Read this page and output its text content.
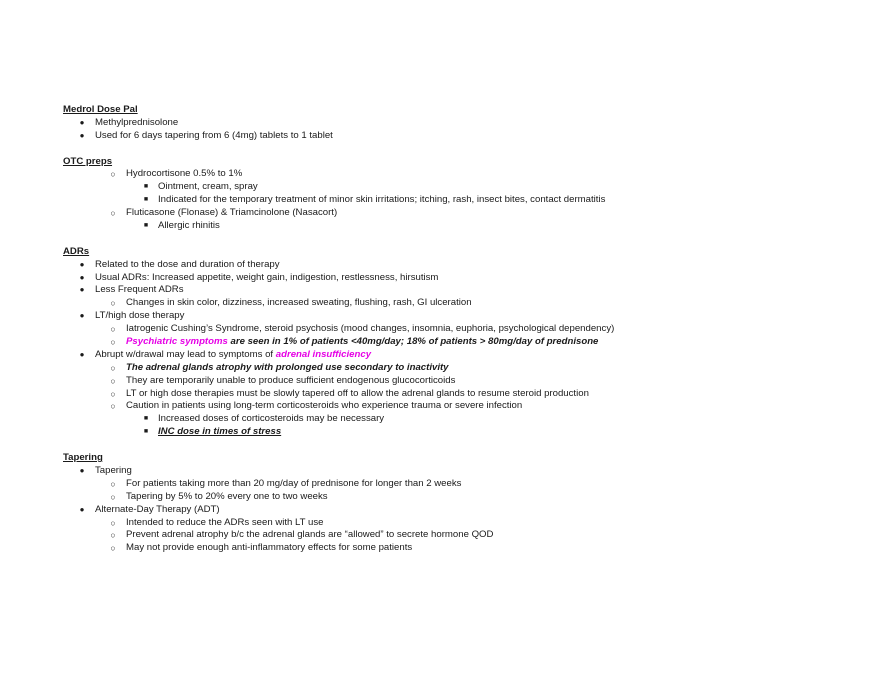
Medrol Dose Pal
●	Methylprednisolone
●	Used for 6 days tapering from 6 (4mg) tablets to 1 tablet
OTC preps
○	Hydrocortisone 0.5% to 1%
■	Ointment, cream, spray
■	Indicated for the temporary treatment of minor skin irritations; itching, rash, insect bites, contact dermatitis
○	Fluticasone (Flonase) & Triamcinolone (Nasacort)
■	Allergic rhinitis
ADRs
●	Related to the dose and duration of therapy
●	Usual ADRs: Increased appetite, weight gain, indigestion, restlessness, hirsutism
●	Less Frequent ADRs
○	Changes in skin color, dizziness, increased sweating, flushing, rash, GI ulceration
●	LT/high dose therapy
○	Iatrogenic Cushing’s Syndrome, steroid psychosis (mood changes, insomnia, euphoria, psychological dependency)
○	Psychiatric symptoms are seen in 1% of patients <40mg/day; 18% of patients > 80mg/day of prednisone
●	Abrupt w/drawal may lead to symptoms of adrenal insufficiency
○	The adrenal glands atrophy with prolonged use secondary to inactivity
○	They are temporarily unable to produce sufficient endogenous glucocorticoids
○	LT or high dose therapies must be slowly tapered off to allow the adrenal glands to resume steroid production
○	Caution in patients using long-term corticosteroids who experience trauma or severe infection
■	Increased doses of corticosteroids may be necessary
■	INC dose in times of stress
Tapering
●	Tapering
○	For patients taking more than 20 mg/day of prednisone for longer than 2 weeks
○	Tapering by 5% to 20% every one to two weeks
●	Alternate-Day Therapy (ADT)
○	Intended to reduce the ADRs seen with LT use
○	Prevent adrenal atrophy b/c the adrenal glands are “allowed” to secrete hormone QOD
○	May not provide enough anti-inflammatory effects for some patients
